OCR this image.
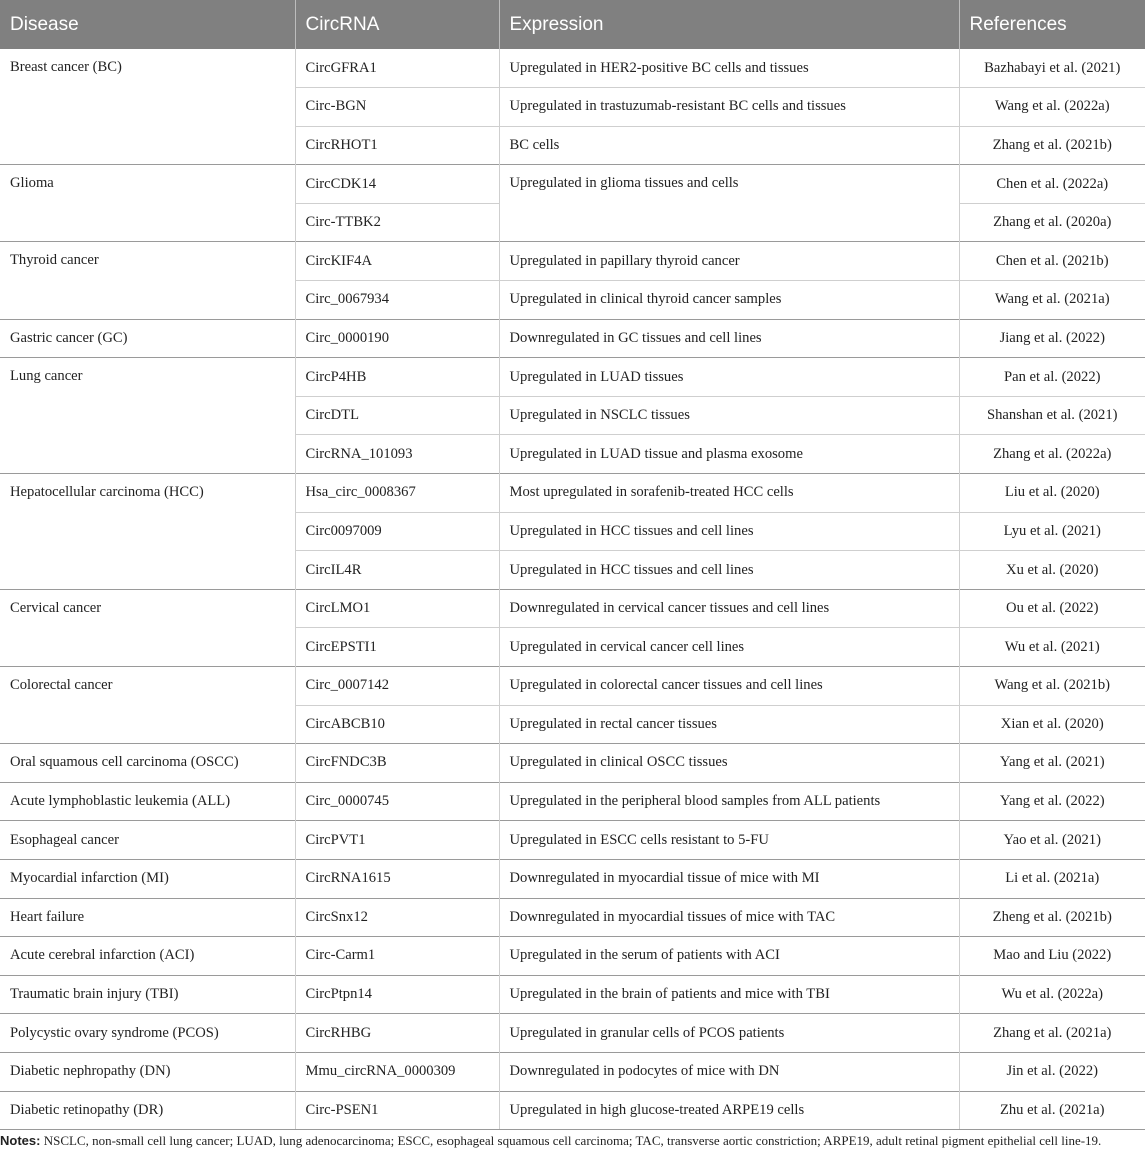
Disease	CircRNA	Expression	References
Breast cancer (BC)	CircGFRA1	Upregulated in HER2-positive BC cells and tissues	Bazhabayi et al. (2021)
	Circ-BGN	Upregulated in trastuzumab-resistant BC cells and tissues	Wang et al. (2022a)
	CircRHOT1	BC cells	Zhang et al. (2021b)
Glioma	CircCDK14	Upregulated in glioma tissues and cells	Chen et al. (2022a)
	Circ-TTBK2		Zhang et al. (2020a)
Thyroid cancer	CircKIF4A	Upregulated in papillary thyroid cancer	Chen et al. (2021b)
	Circ_0067934	Upregulated in clinical thyroid cancer samples	Wang et al. (2021a)
Gastric cancer (GC)	Circ_0000190	Downregulated in GC tissues and cell lines	Jiang et al. (2022)
Lung cancer	CircP4HB	Upregulated in LUAD tissues	Pan et al. (2022)
	CircDTL	Upregulated in NSCLC tissues	Shanshan et al. (2021)
	CircRNA_101093	Upregulated in LUAD tissue and plasma exosome	Zhang et al. (2022a)
Hepatocellular carcinoma (HCC)	Hsa_circ_0008367	Most upregulated in sorafenib-treated HCC cells	Liu et al. (2020)
	Circ0097009	Upregulated in HCC tissues and cell lines	Lyu et al. (2021)
	CircIL4R	Upregulated in HCC tissues and cell lines	Xu et al. (2020)
Cervical cancer	CircLMO1	Downregulated in cervical cancer tissues and cell lines	Ou et al. (2022)
	CircEPSTI1	Upregulated in cervical cancer cell lines	Wu et al. (2021)
Colorectal cancer	Circ_0007142	Upregulated in colorectal cancer tissues and cell lines	Wang et al. (2021b)
	CircABCB10	Upregulated in rectal cancer tissues	Xian et al. (2020)
Oral squamous cell carcinoma (OSCC)	CircFNDC3B	Upregulated in clinical OSCC tissues	Yang et al. (2021)
Acute lymphoblastic leukemia (ALL)	Circ_0000745	Upregulated in the peripheral blood samples from ALL patients	Yang et al. (2022)
Esophageal cancer	CircPVT1	Upregulated in ESCC cells resistant to 5-FU	Yao et al. (2021)
Myocardial infarction (MI)	CircRNA1615	Downregulated in myocardial tissue of mice with MI	Li et al. (2021a)
Heart failure	CircSnx12	Downregulated in myocardial tissues of mice with TAC	Zheng et al. (2021b)
Acute cerebral infarction (ACI)	Circ-Carm1	Upregulated in the serum of patients with ACI	Mao and Liu (2022)
Traumatic brain injury (TBI)	CircPtpn14	Upregulated in the brain of patients and mice with TBI	Wu et al. (2022a)
Polycystic ovary syndrome (PCOS)	CircRHBG	Upregulated in granular cells of PCOS patients	Zhang et al. (2021a)
Diabetic nephropathy (DN)	Mmu_circRNA_0000309	Downregulated in podocytes of mice with DN	Jin et al. (2022)
Diabetic retinopathy (DR)	Circ-PSEN1	Upregulated in high glucose-treated ARPE19 cells	Zhu et al. (2021a)
Notes: NSCLC, non-small cell lung cancer; LUAD, lung adenocarcinoma; ESCC, esophageal squamous cell carcinoma; TAC, transverse aortic constriction; ARPE19, adult retinal pigment epithelial cell line-19.
